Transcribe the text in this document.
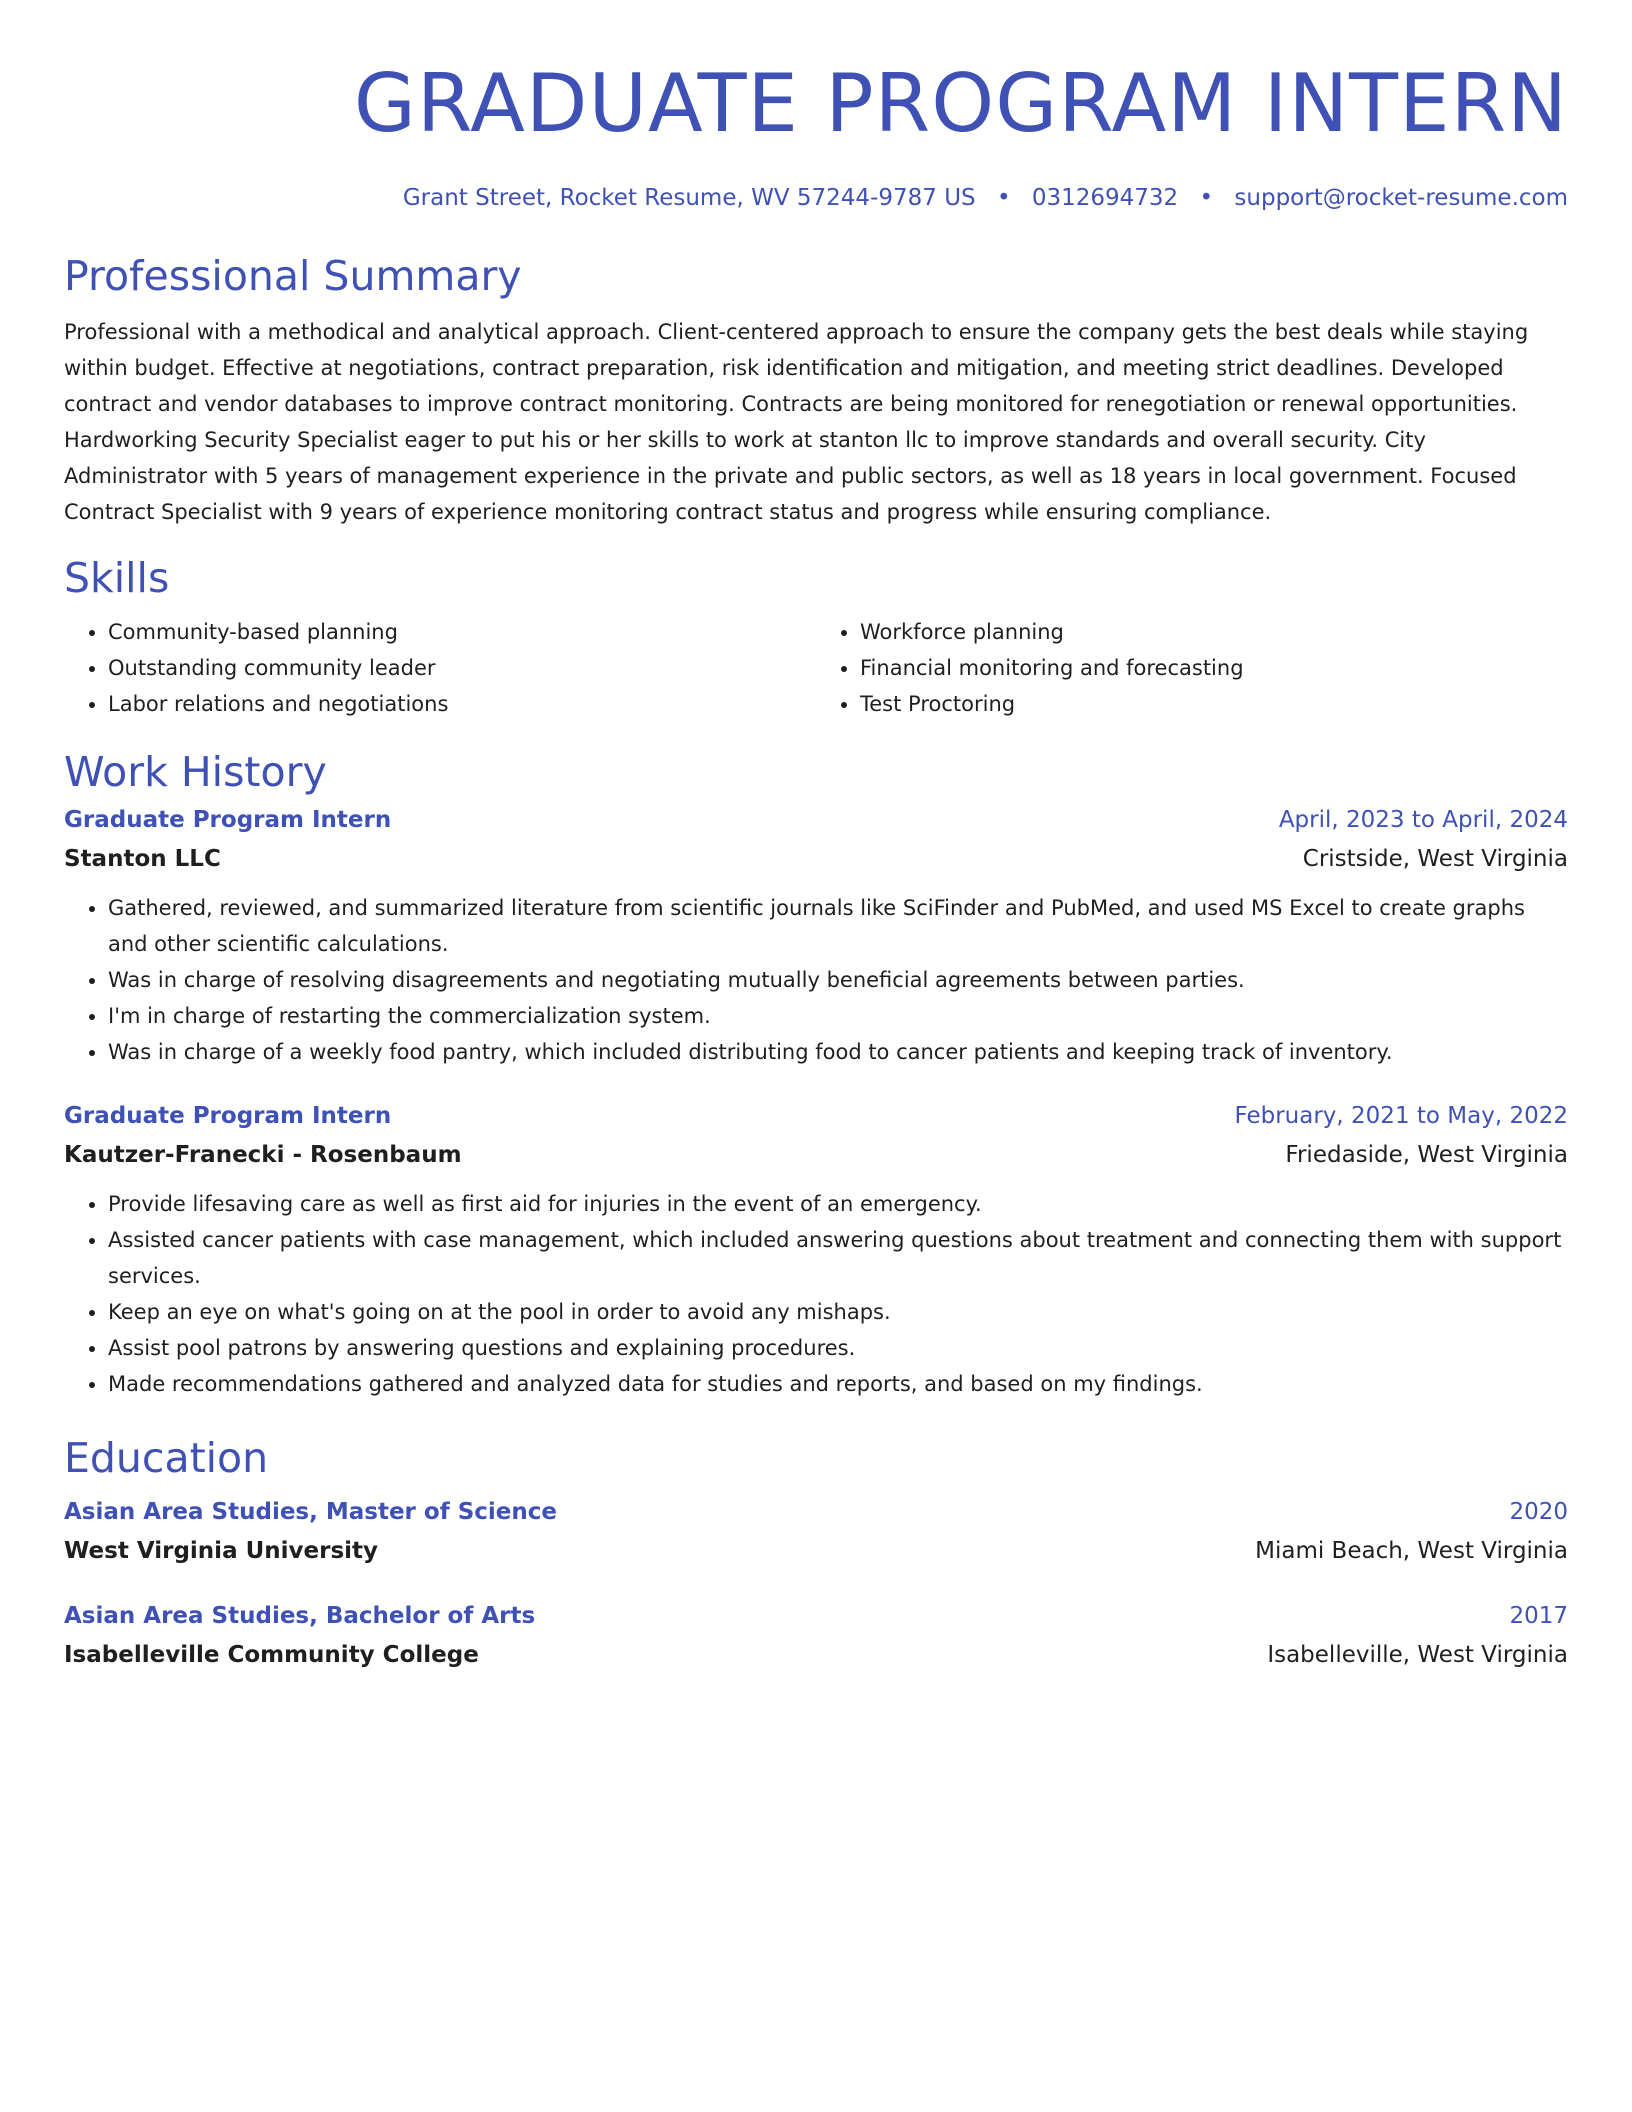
GRADUATE PROGRAM INTERN
Grant Street, Rocket Resume, WV 57244-9787 US • 0312694732 • support@rocket-resume.com
Professional Summary
Professional with a methodical and analytical approach. Client-centered approach to ensure the company gets the best deals while staying within budget. Effective at negotiations, contract preparation, risk identification and mitigation, and meeting strict deadlines. Developed contract and vendor databases to improve contract monitoring. Contracts are being monitored for renegotiation or renewal opportunities. Hardworking Security Specialist eager to put his or her skills to work at stanton llc to improve standards and overall security. City Administrator with 5 years of management experience in the private and public sectors, as well as 18 years in local government. Focused Contract Specialist with 9 years of experience monitoring contract status and progress while ensuring compliance.
Skills
• Community-based planning
• Outstanding community leader
• Labor relations and negotiations
• Workforce planning
• Financial monitoring and forecasting
• Test Proctoring
Work History
Graduate Program Intern	April, 2023 to April, 2024
Stanton LLC	Cristside, West Virginia
• Gathered, reviewed, and summarized literature from scientific journals like SciFinder and PubMed, and used MS Excel to create graphs and other scientific calculations.
• Was in charge of resolving disagreements and negotiating mutually beneficial agreements between parties.
• I'm in charge of restarting the commercialization system.
• Was in charge of a weekly food pantry, which included distributing food to cancer patients and keeping track of inventory.
Graduate Program Intern	February, 2021 to May, 2022
Kautzer-Franecki - Rosenbaum	Friedaside, West Virginia
• Provide lifesaving care as well as first aid for injuries in the event of an emergency.
• Assisted cancer patients with case management, which included answering questions about treatment and connecting them with support services.
• Keep an eye on what's going on at the pool in order to avoid any mishaps.
• Assist pool patrons by answering questions and explaining procedures.
• Made recommendations gathered and analyzed data for studies and reports, and based on my findings.
Education
Asian Area Studies, Master of Science	2020
West Virginia University	Miami Beach, West Virginia
Asian Area Studies, Bachelor of Arts	2017
Isabelleville Community College	Isabelleville, West Virginia
